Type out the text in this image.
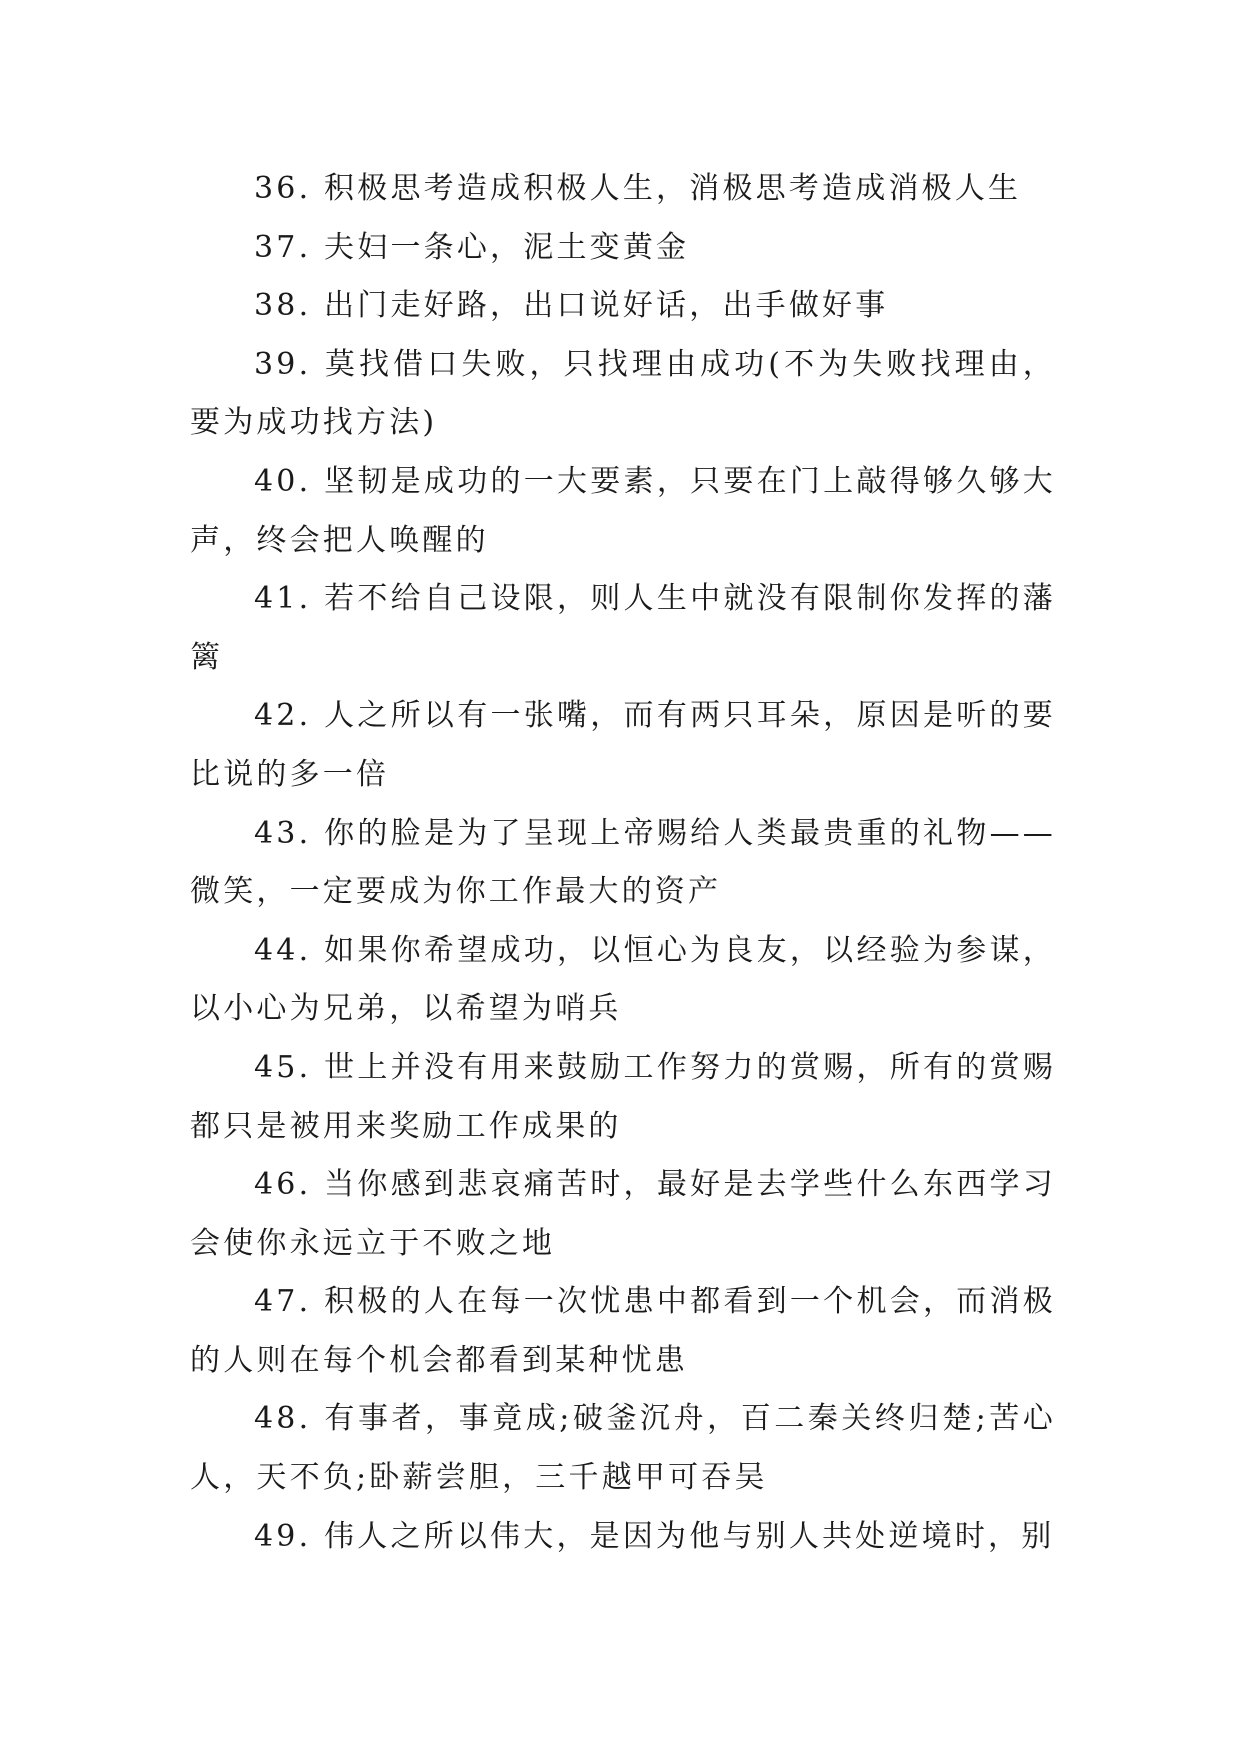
36. 积极思考造成积极人生，消极思考造成消极人生

37. 夫妇一条心，泥土变黄金

38. 出门走好路，出口说好话，出手做好事

39. 莫找借口失败，只找理由成功(不为失败找理由，要为成功找方法)

40. 坚韧是成功的一大要素，只要在门上敲得够久够大声，终会把人唤醒的

41. 若不给自己设限，则人生中就没有限制你发挥的藩篱

42. 人之所以有一张嘴，而有两只耳朵，原因是听的要比说的多一倍

43. 你的脸是为了呈现上帝赐给人类最贵重的礼物——微笑，一定要成为你工作最大的资产

44. 如果你希望成功，以恒心为良友，以经验为参谋，以小心为兄弟，以希望为哨兵

45. 世上并没有用来鼓励工作努力的赏赐，所有的赏赐都只是被用来奖励工作成果的

46. 当你感到悲哀痛苦时，最好是去学些什么东西学习会使你永远立于不败之地

47. 积极的人在每一次忧患中都看到一个机会，而消极的人则在每个机会都看到某种忧患

48. 有事者，事竟成;破釜沉舟，百二秦关终归楚;苦心人，天不负;卧薪尝胆，三千越甲可吞吴

49. 伟人之所以伟大，是因为他与别人共处逆境时，别
